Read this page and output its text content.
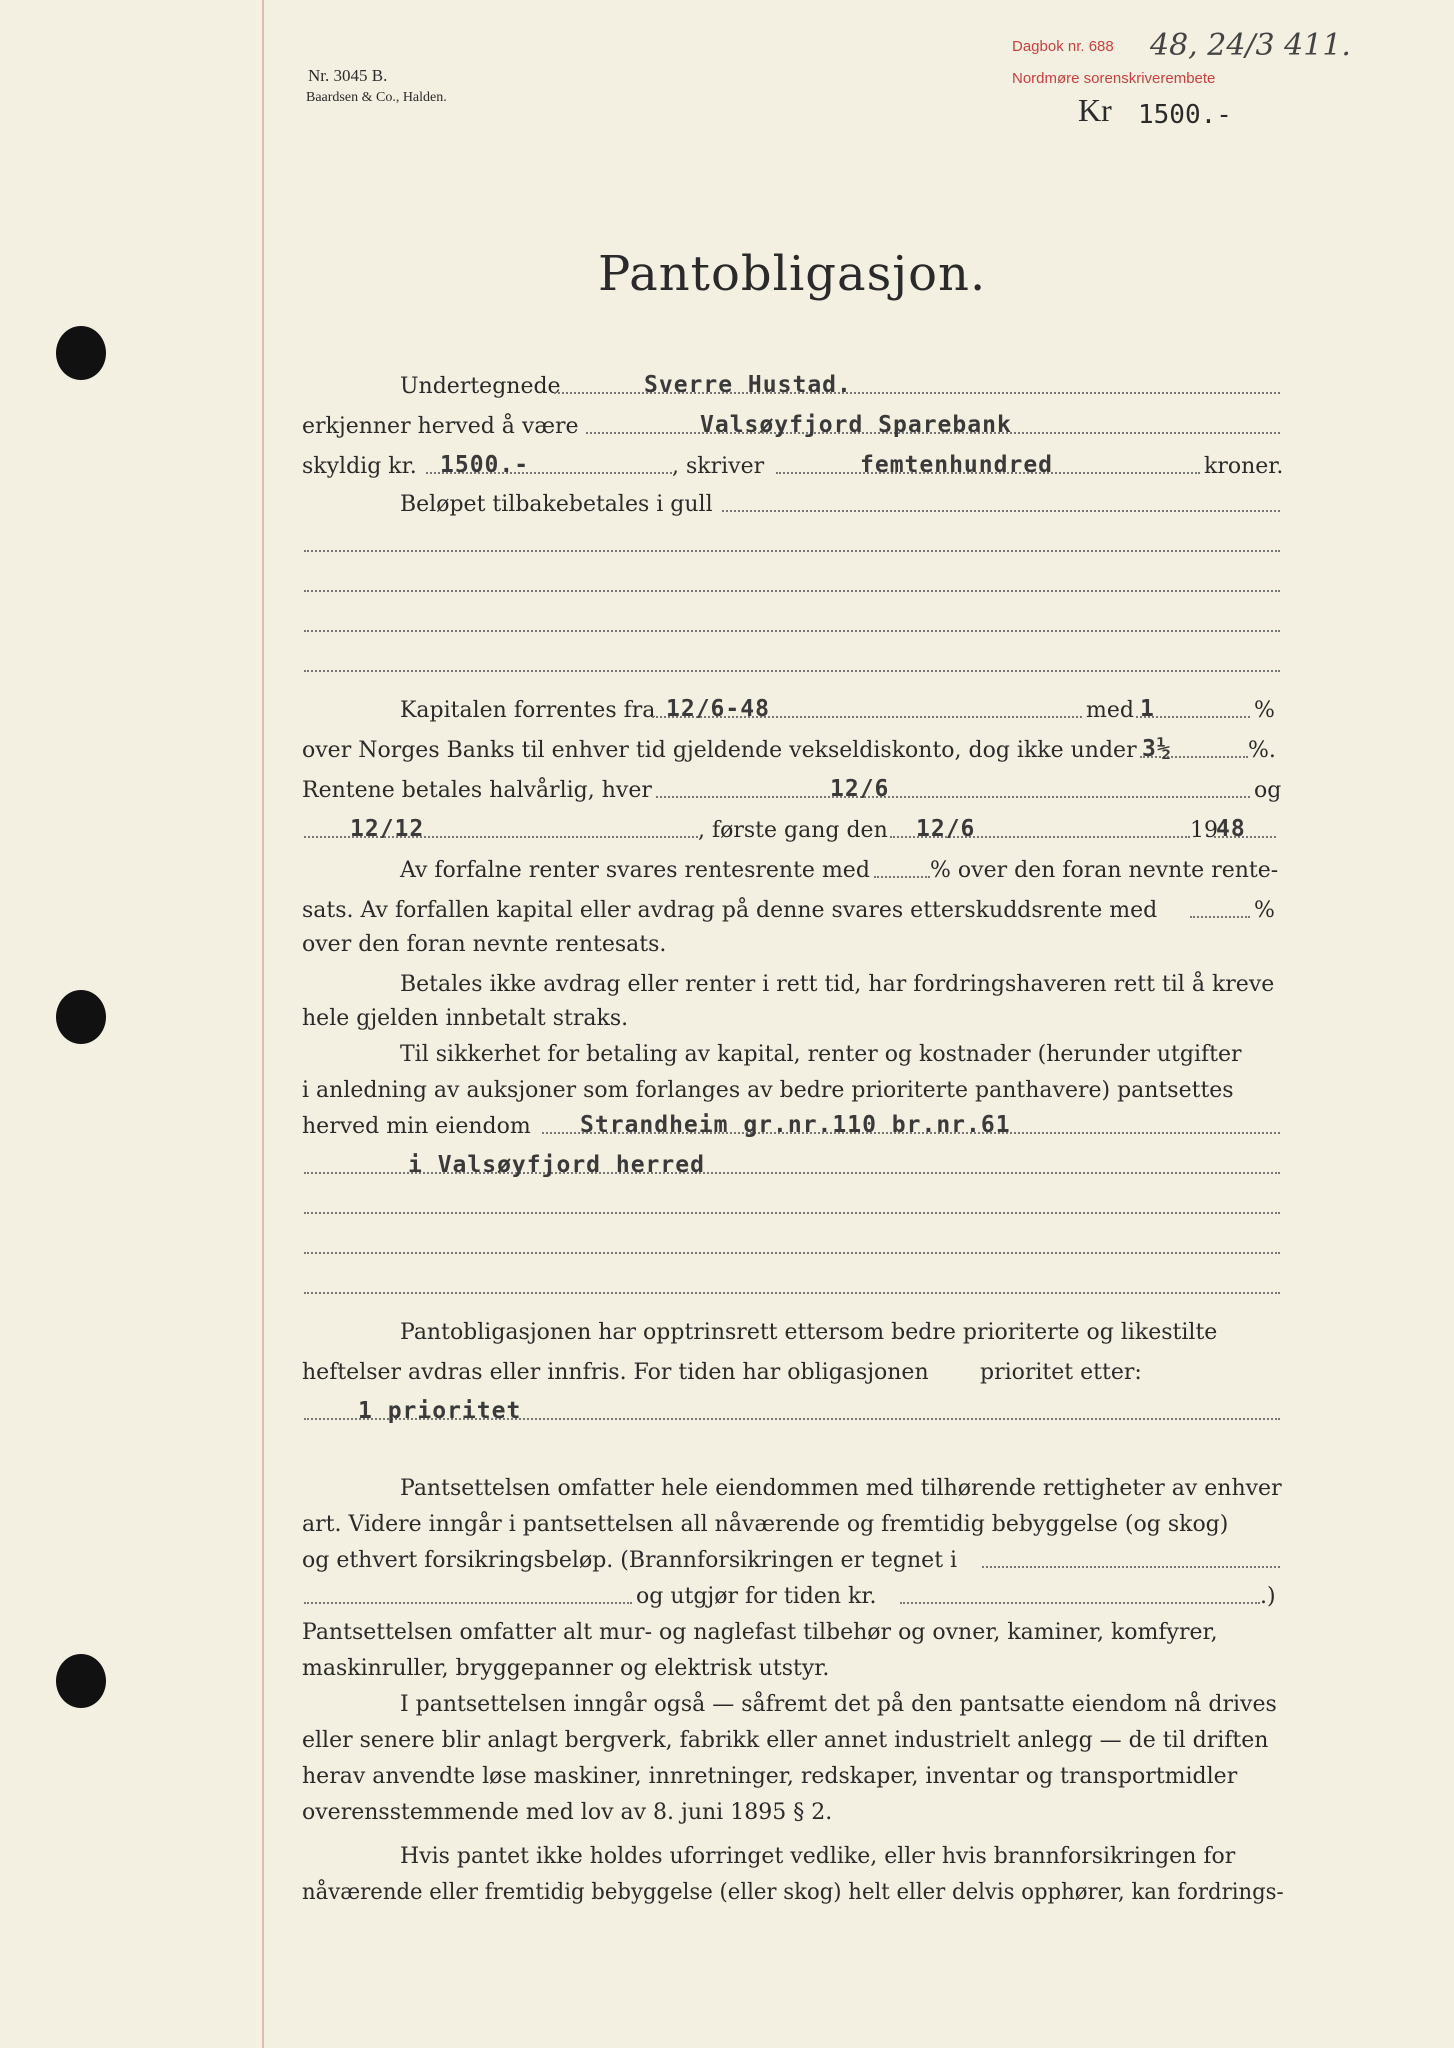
Nr. 3045 B.
Baardsen & Co., Halden.
Dagbok nr. 688
Nordmøre sorenskriverembete
48, 24/3 411.
Kr 1500.-
Pantobligasjon.
Undertegnede	Sverre Hustad.
erkjenner herved å være	Valsøyfjord Sparebank
skyldig kr. 1500.-	, skriver	femtenhundred	kroner.
Beløpet tilbakebetales i gull
Kapitalen forrentes fra 12/6-48	med 1	%
over Norges Banks til enhver tid gjeldende vekseldiskonto, dog ikke under 3½	%.
Rentene betales halvårlig, hver	12/6	og
12/12	, første gang den 12/6	19
48
Av forfalne renter svares rentesrente med	% over den foran nevnte rente-
sats. Av forfallen kapital eller avdrag på denne svares etterskuddsrente med	%
over den foran nevnte rentesats.
Betales ikke avdrag eller renter i rett tid, har fordringshaveren rett til å kreve
hele gjelden innbetalt straks.
Til sikkerhet for betaling av kapital, renter og kostnader (herunder utgifter
i anledning av auksjoner som forlanges av bedre prioriterte panthavere) pantsettes
herved min eiendom Strandheim gr.nr.110 br.nr.61
i Valsøyfjord herred
Pantobligasjonen har opptrinsrett ettersom bedre prioriterte og likestilte
heftelser avdras eller innfris. For tiden har obligasjonen prioritet etter:
1 prioritet
Pantsettelsen omfatter hele eiendommen med tilhørende rettigheter av enhver
art. Videre inngår i pantsettelsen all nåværende og fremtidig bebyggelse (og skog)
og ethvert forsikringsbeløp. (Brannforsikringen er tegnet i
og utgjør for tiden kr.	.)
Pantsettelsen omfatter alt mur- og naglefast tilbehør og ovner, kaminer, komfyrer,
maskinruller, bryggepanner og elektrisk utstyr.
I pantsettelsen inngår også — såfremt det på den pantsatte eiendom nå drives
eller senere blir anlagt bergverk, fabrikk eller annet industrielt anlegg — de til driften
herav anvendte løse maskiner, innretninger, redskaper, inventar og transportmidler
overensstemmende med lov av 8. juni 1895 § 2.
Hvis pantet ikke holdes uforringet vedlike, eller hvis brannforsikringen for
nåværende eller fremtidig bebyggelse (eller skog) helt eller delvis opphører, kan fordrings-
